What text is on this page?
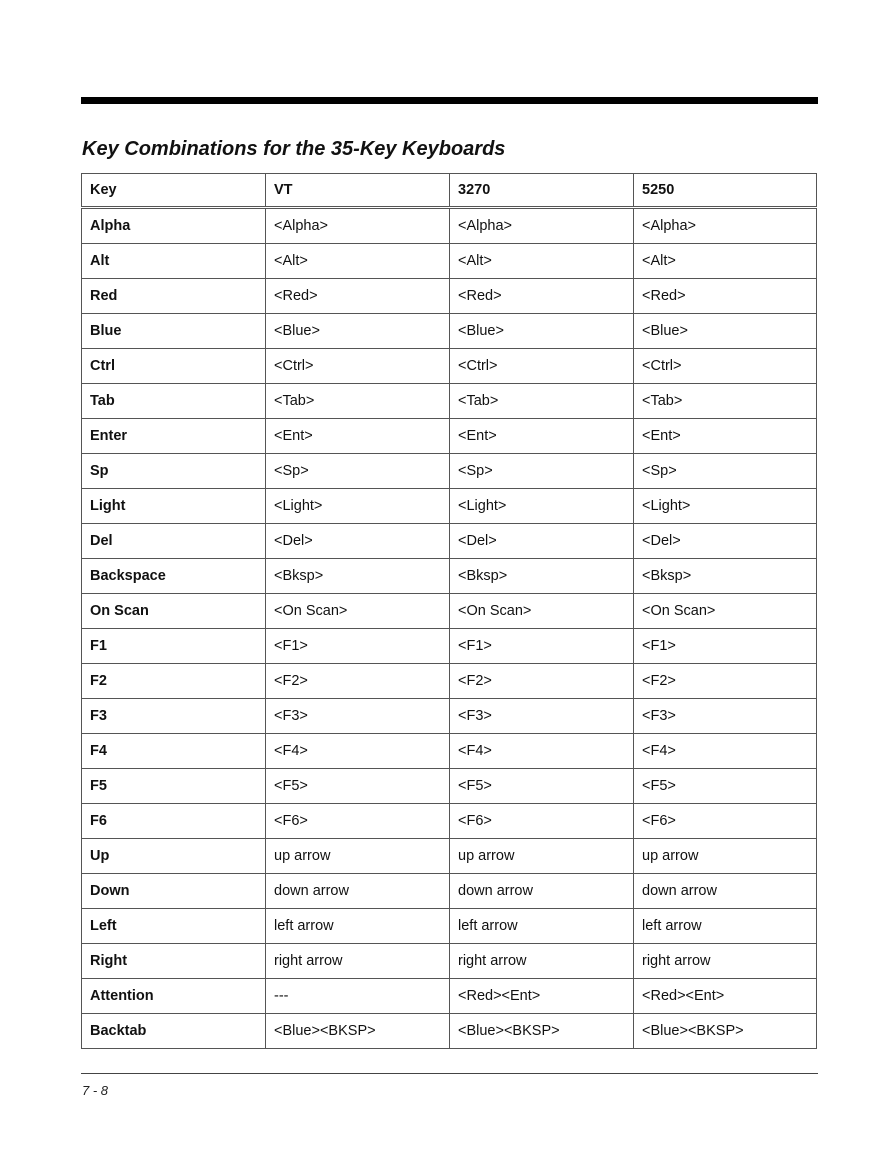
Key Combinations for the 35-Key Keyboards
Key	VT	3270	5250
Alpha	<Alpha>	<Alpha>	<Alpha>
Alt	<Alt>	<Alt>	<Alt>
Red	<Red>	<Red>	<Red>
Blue	<Blue>	<Blue>	<Blue>
Ctrl	<Ctrl>	<Ctrl>	<Ctrl>
Tab	<Tab>	<Tab>	<Tab>
Enter	<Ent>	<Ent>	<Ent>
Sp	<Sp>	<Sp>	<Sp>
Light	<Light>	<Light>	<Light>
Del	<Del>	<Del>	<Del>
Backspace	<Bksp>	<Bksp>	<Bksp>
On Scan	<On Scan>	<On Scan>	<On Scan>
F1	<F1>	<F1>	<F1>
F2	<F2>	<F2>	<F2>
F3	<F3>	<F3>	<F3>
F4	<F4>	<F4>	<F4>
F5	<F5>	<F5>	<F5>
F6	<F6>	<F6>	<F6>
Up	up arrow	up arrow	up arrow
Down	down arrow	down arrow	down arrow
Left	left arrow	left arrow	left arrow
Right	right arrow	right arrow	right arrow
Attention	---	<Red><Ent>	<Red><Ent>
Backtab	<Blue><BKSP>	<Blue><BKSP>	<Blue><BKSP>
7 - 8
